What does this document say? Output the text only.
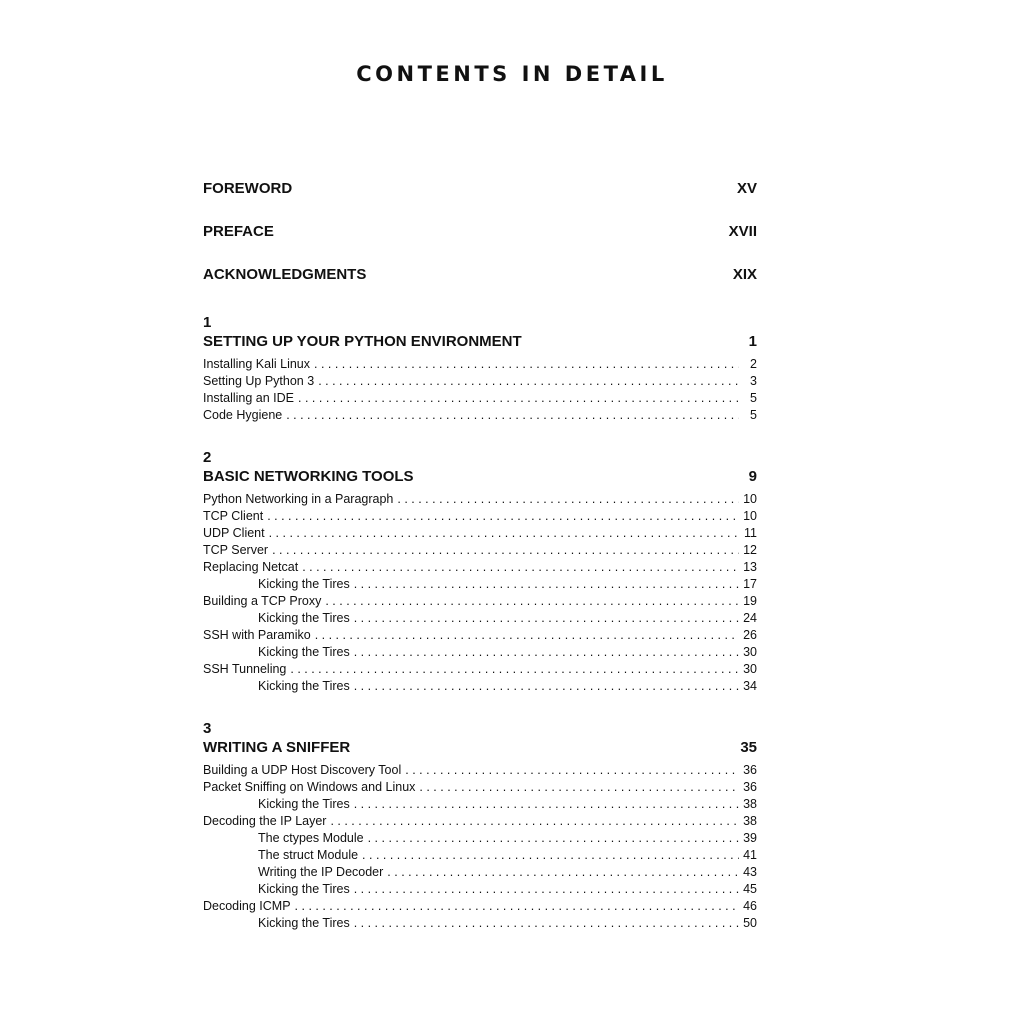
CONTENTS IN DETAIL
FOREWORD	XV
PREFACE	XVII
ACKNOWLEDGMENTS	XIX
1
SETTING UP YOUR PYTHON ENVIRONMENT	1
Installing Kali Linux . . .	2
Setting Up Python 3 . . .	3
Installing an IDE . . .	5
Code Hygiene . . .	5
2
BASIC NETWORKING TOOLS	9
Python Networking in a Paragraph . . .	10
TCP Client . . .	10
UDP Client . . .	11
TCP Server . . .	12
Replacing Netcat . . .	13
Kicking the Tires . . .	17
Building a TCP Proxy . . .	19
Kicking the Tires . . .	24
SSH with Paramiko . . .	26
Kicking the Tires . . .	30
SSH Tunneling . . .	30
Kicking the Tires . . .	34
3
WRITING A SNIFFER	35
Building a UDP Host Discovery Tool . . .	36
Packet Sniffing on Windows and Linux . . .	36
Kicking the Tires . . .	38
Decoding the IP Layer . . .	38
The ctypes Module . . .	39
The struct Module . . .	41
Writing the IP Decoder . . .	43
Kicking the Tires . . .	45
Decoding ICMP . . .	46
Kicking the Tires . . .	50
